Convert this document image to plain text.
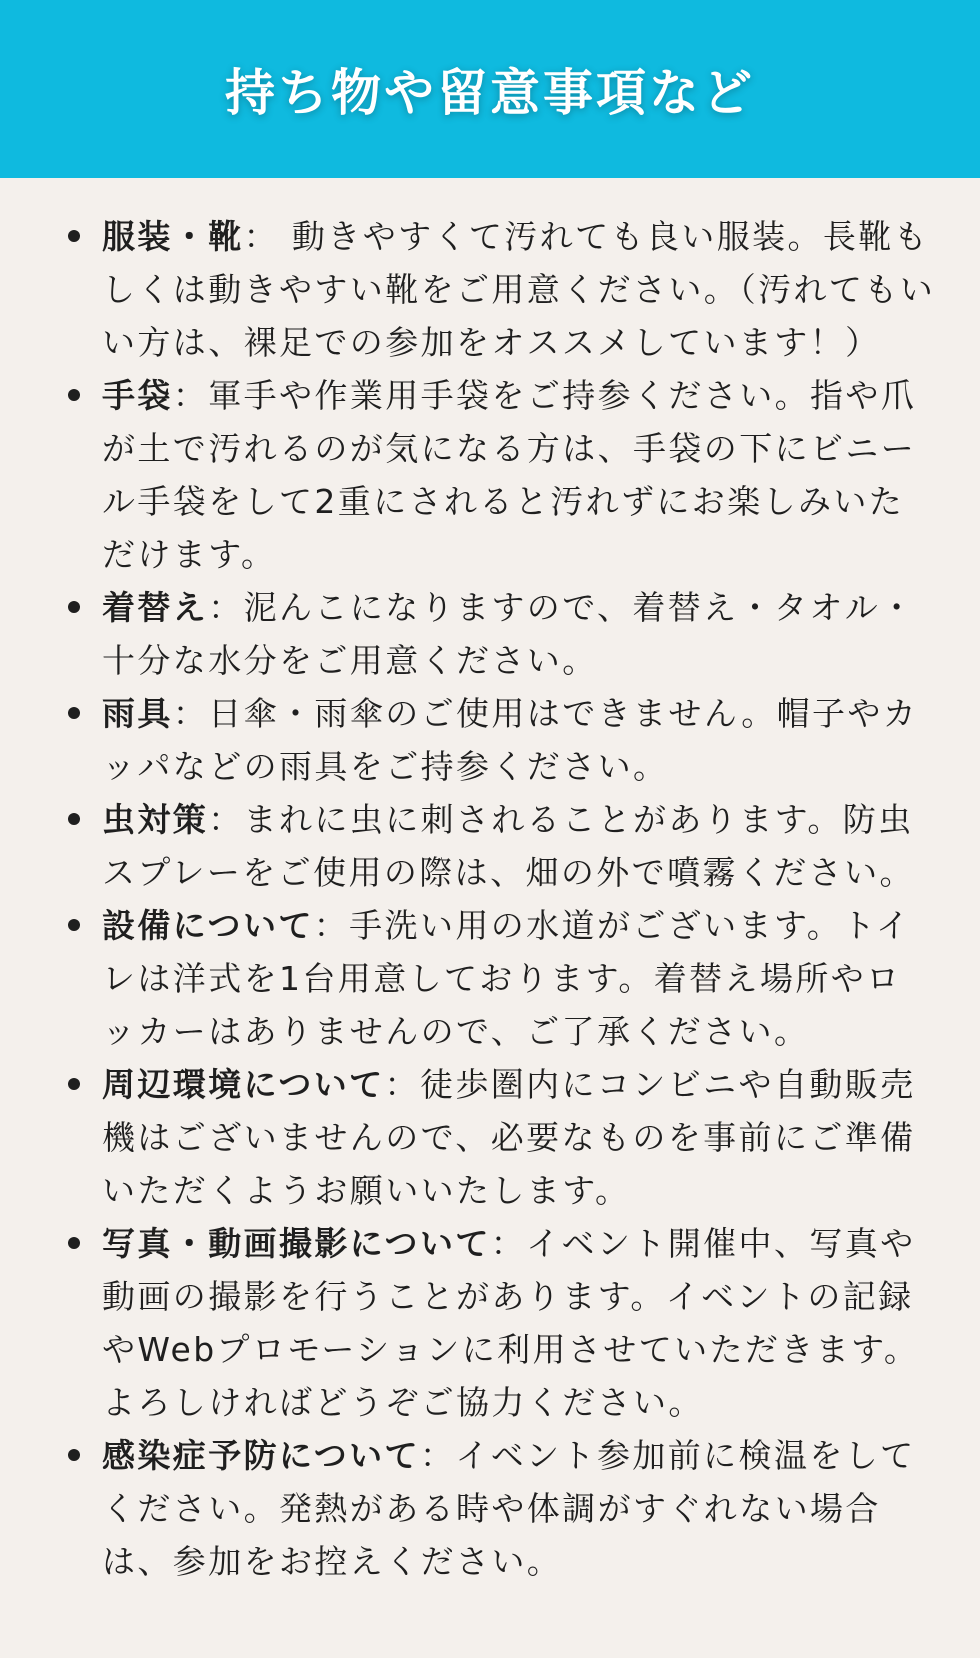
持ち物や留意事項など
服装・靴： 動きやすくて汚れても良い服装。長靴もしくは動きやすい靴をご用意ください。（汚れてもいい方は、裸足での参加をオススメしています！）
手袋：軍手や作業用手袋をご持参ください。指や爪が土で汚れるのが気になる方は、手袋の下にビニール手袋をして2重にされると汚れずにお楽しみいただけます。
着替え：泥んこになりますので、着替え・タオル・十分な水分をご用意ください。
雨具：日傘・雨傘のご使用はできません。帽子やカッパなどの雨具をご持参ください。
虫対策：まれに虫に刺されることがあります。防虫スプレーをご使用の際は、畑の外で噴霧ください。
設備について：手洗い用の水道がございます。トイレは洋式を1台用意しております。着替え場所やロッカーはありませんので、ご了承ください。
周辺環境について：徒歩圏内にコンビニや自動販売機はございませんので、必要なものを事前にご準備いただくようお願いいたします。
写真・動画撮影について：イベント開催中、写真や動画の撮影を行うことがあります。イベントの記録やWebプロモーションに利用させていただきます。よろしければどうぞご協力ください。
感染症予防について：イベント参加前に検温をしてください。発熱がある時や体調がすぐれない場合は、参加をお控えください。
